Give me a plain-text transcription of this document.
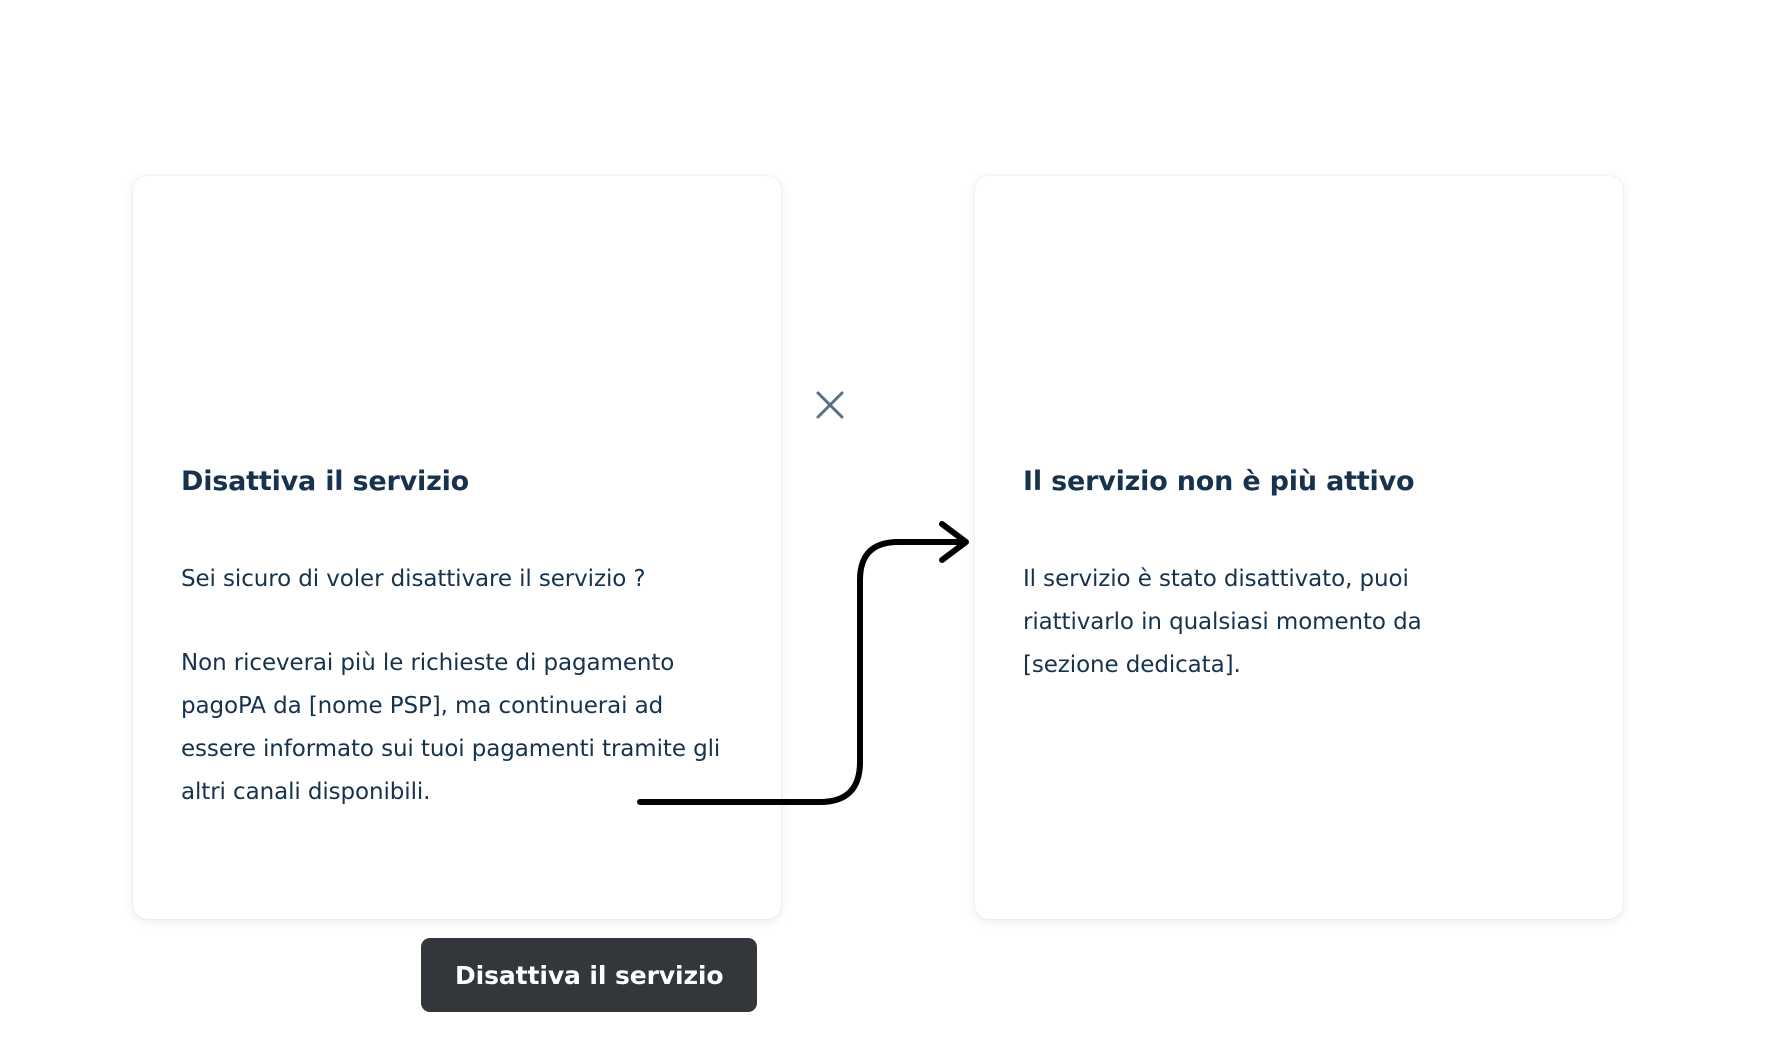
Disattiva il servizio
Sei sicuro di voler disattivare il servizio ?
Non riceverai più le richieste di pagamento pagoPA da [nome PSP], ma continuerai ad essere informato sui tuoi pagamenti tramite gli altri canali disponibili.
Disattiva il servizio
Il servizio non è più attivo
Il servizio è stato disattivato, puoi riattivarlo in qualsiasi momento da [sezione dedicata].
